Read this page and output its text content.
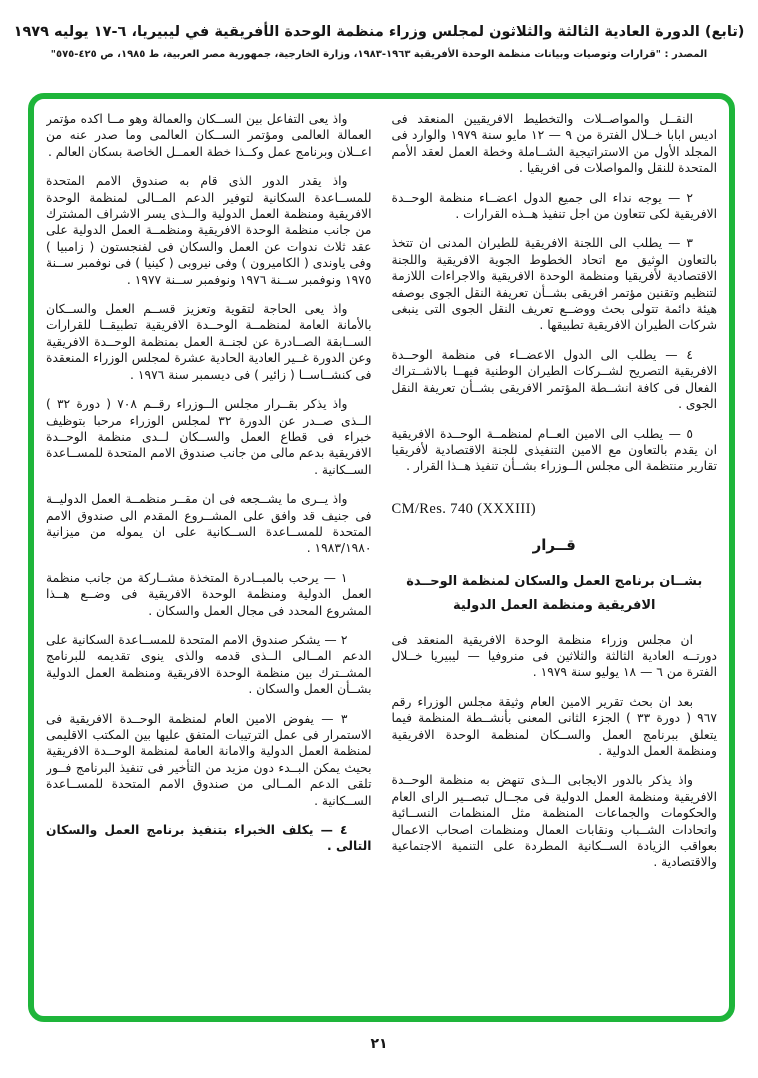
(تابع) الدورة العادية الثالثة والثلاثون لمجلس وزراء منظمة الوحدة الأفريقية في ليبيريا، ٦-١٧ يوليه ١٩٧٩
المصدر : "قرارات وتوصيات وبيانات منظمة الوحدة الأفريقية ١٩٦٣-١٩٨٣، وزارة الخارجية، جمهورية مصر العربية، ط ١٩٨٥، ص ٤٢٥-٥٧٥"

النقــل والمواصــلات والتخطيط الافريقيين المنعقد فى اديس ابابا خــلال الفترة من ٩ — ١٢ مايو سنة ١٩٧٩ والوارد فى المجلد الأول من الاستراتيجية الشــاملة وخطة العمل لعقد الأمم المتحدة للنقل والمواصلات فى افريقيا .

٢ — يوجه نداء الى جميع الدول اعضــاء منظمة الوحــدة الافريقية لكى تتعاون من اجل تنفيذ هــذه القرارات .

٣ — يطلب الى اللجنة الافريقية للطيران المدنى ان تتخذ بالتعاون الوثيق مع اتحاد الخطوط الجوية الافريقية واللجنة الاقتصادية لأفريقيا ومنظمة الوحدة الافريقية والاجراءات اللازمة لتنظيم وتقنين مؤتمر افريقى بشــأن تعريفة النقل الجوى بوصفه هيئة دائمة تتولى بحث ووضــع تعريف النقل الجوى التى ينبغى شركات الطيران الافريقية تطبيقها .

٤ — يطلب الى الدول الاعضــاء فى منظمة الوحــدة الافريقية التصريح لشــركات الطيران الوطنية فيهــا بالاشــتراك الفعال فى كافة انشــطة المؤتمر الافريقى بشــأن تعريفة النقل الجوى .

٥ — يطلب الى الامين العــام لمنظمــة الوحــدة الافريقية ان يقدم بالتعاون مع الامين التنفيذى للجنة الاقتصادية لأفريقيا تقارير منتظمة الى مجلس الــوزراء بشــأن تنفيذ هــذا القرار .

CM/Res. 740 (XXXIII)
قــرار
بشــان برنامج العمل والسكان لمنظمة الوحــدة الافريقية ومنظمة العمل الدولية

ان مجلس وزراء منظمة الوحدة الافريقية المنعقد فى دورتــه العادية الثالثة والثلاثين فى منروفيا — ليبيريا خــلال الفترة من ٦ — ١٨ يوليو سنة ١٩٧٩ .

بعد ان بحث تقرير الامين العام وثيقة مجلس الوزراء رقم ٩٦٧ ( دورة ٣٣ ) الجزء الثانى المعنى بأنشــطة المنظمة فيما يتعلق ببرنامج العمل والســكان لمنظمة الوحدة الافريقية ومنظمة العمل الدولية .

واذ يذكر بالدور الايجابى الــذى تنهض به منظمة الوحــدة الافريقية ومنظمة العمل الدولية فى مجــال تبصــير الراى العام والحكومات والجماعات المنظمة مثل المنظمات النســائية واتحادات الشــباب ونقابات العمال ومنظمات اصحاب الاعمال بعواقب الزيادة الســكانية المطردة على التنمية الاجتماعية والاقتصادية .

واذ يعى التفاعل بين الســكان والعمالة وهو مــا اكده مؤتمر العمالة العالمى ومؤتمر الســكان العالمى وما صدر عنه من اعــلان وبرنامج عمل وكــذا خطة العمــل الخاصة بسكان العالم .

واذ يقدر الدور الذى قام به صندوق الامم المتحدة للمســاعدة السكانية لتوفير الدعم المــالى لمنظمة الوحدة الافريقية ومنظمة العمل الدولية والــذى يسر الاشراف المشترك من جانب منظمة الوحدة الافريقية ومنظمــة العمل الدولية على عقد ثلاث ندوات عن العمل والسكان فى لفنجستون ( زامبيا ) وفى ياوندى ( الكاميرون ) وفى نيروبى ( كينيا ) فى نوفمبر ســنة ١٩٧٥ ونوفمبر ســنة ١٩٧٦ ونوفمبر ســنة ١٩٧٧ .

واذ يعى الحاجة لتقوية وتعزيز قســم العمل والســكان بالأمانة العامة لمنظمــة الوحــدة الافريقية تطبيقــا للقرارات الســابقة الصــادرة عن لجنــة العمل بمنظمة الوحــدة الافريقية وعن الدورة غــير العادية الحادية عشرة لمجلس الوزراء المنعقدة فى كنشــاســا ( زائير ) فى ديسمبر سنة ١٩٧٦ .

واذ يذكر بقــرار مجلس الــوزراء رقــم ٧٠٨ ( دورة ٣٢ ) الــذى صــدر عن الدورة ٣٢ لمجلس الوزراء مرحبا بتوظيف خبراء فى قطاع العمل والســكان لــدى منظمة الوحــدة الافريقية بدعم مالى من جانب صندوق الامم المتحدة للمســاعدة الســكانية .

واذ يــرى ما يشــجعه فى ان مقــر منظمــة العمل الدوليــة فى جنيف قد وافق على المشــروع المقدم الى صندوق الامم المتحدة للمســاعدة الســكانية على ان يموله من ميزانية ١٩٨٣/١٩٨٠ .

١ — يرحب بالمبــادرة المتخذة مشــاركة من جانب منظمة العمل الدولية ومنظمة الوحدة الافريقية فى وضــع هــذا المشروع المحدد فى مجال العمل والسكان .

٢ — يشكر صندوق الامم المتحدة للمســاعدة السكانية على الدعم المــالى الــذى قدمه والذى ينوى تقديمه للبرنامج المشــترك بين منظمة الوحدة الافريقية ومنظمة العمل الدولية بشــأن العمل والسكان .

٣ — يفوض الامين العام لمنظمة الوحــدة الافريقية فى الاستمرار فى عمل الترتيبات المتفق عليها بين المكتب الاقليمى لمنظمة العمل الدولية والامانة العامة لمنظمة الوحــدة الافريقية بحيث يمكن البــدء دون مزيد من التأخير فى تنفيذ البرنامج فــور تلقى الدعم المــالى من صندوق الامم المتحدة للمســاعدة الســكانية .

٤ — يكلف الخبراء بتنفيذ برنامج العمل والسكان التالى .

٢١
